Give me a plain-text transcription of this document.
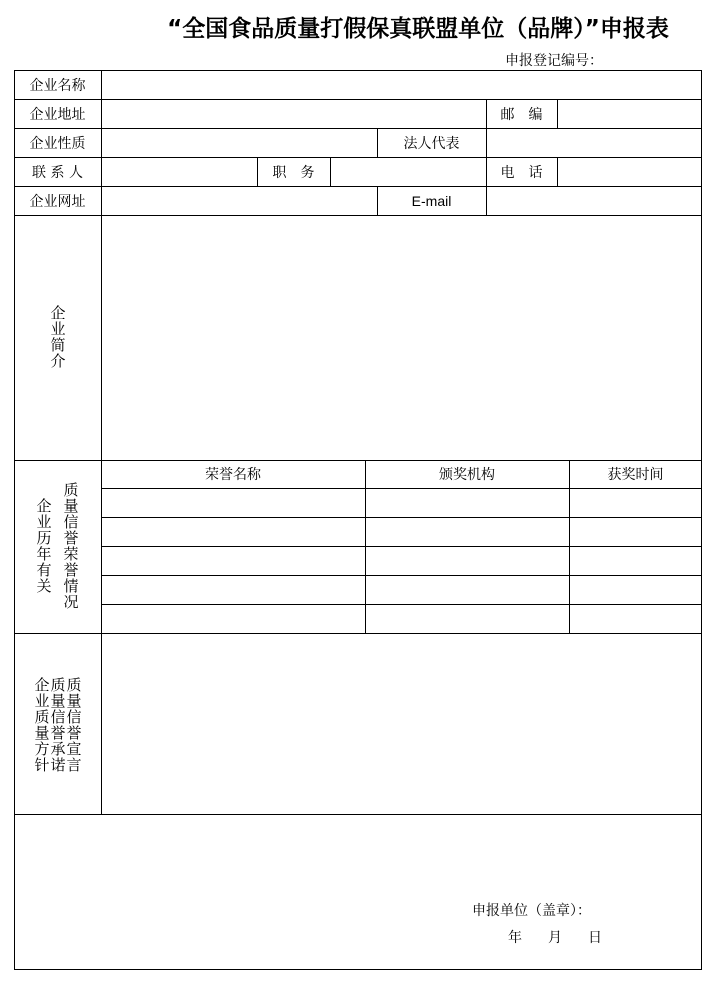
“全国食品质量打假保真联盟单位（品牌）”申报表
申报登记编号：
企业名称
企业地址	邮　编
企业性质	法人代表
联 系 人	职　务	电　话
企业网址	E-mail
企业简介
企业历年有关
质量信誉荣誉情况
荣誉名称	颁奖机构	获奖时间
企业质量方针
质量信誉承诺
质量信誉宣言
申报单位（盖章）：
年 月 日
